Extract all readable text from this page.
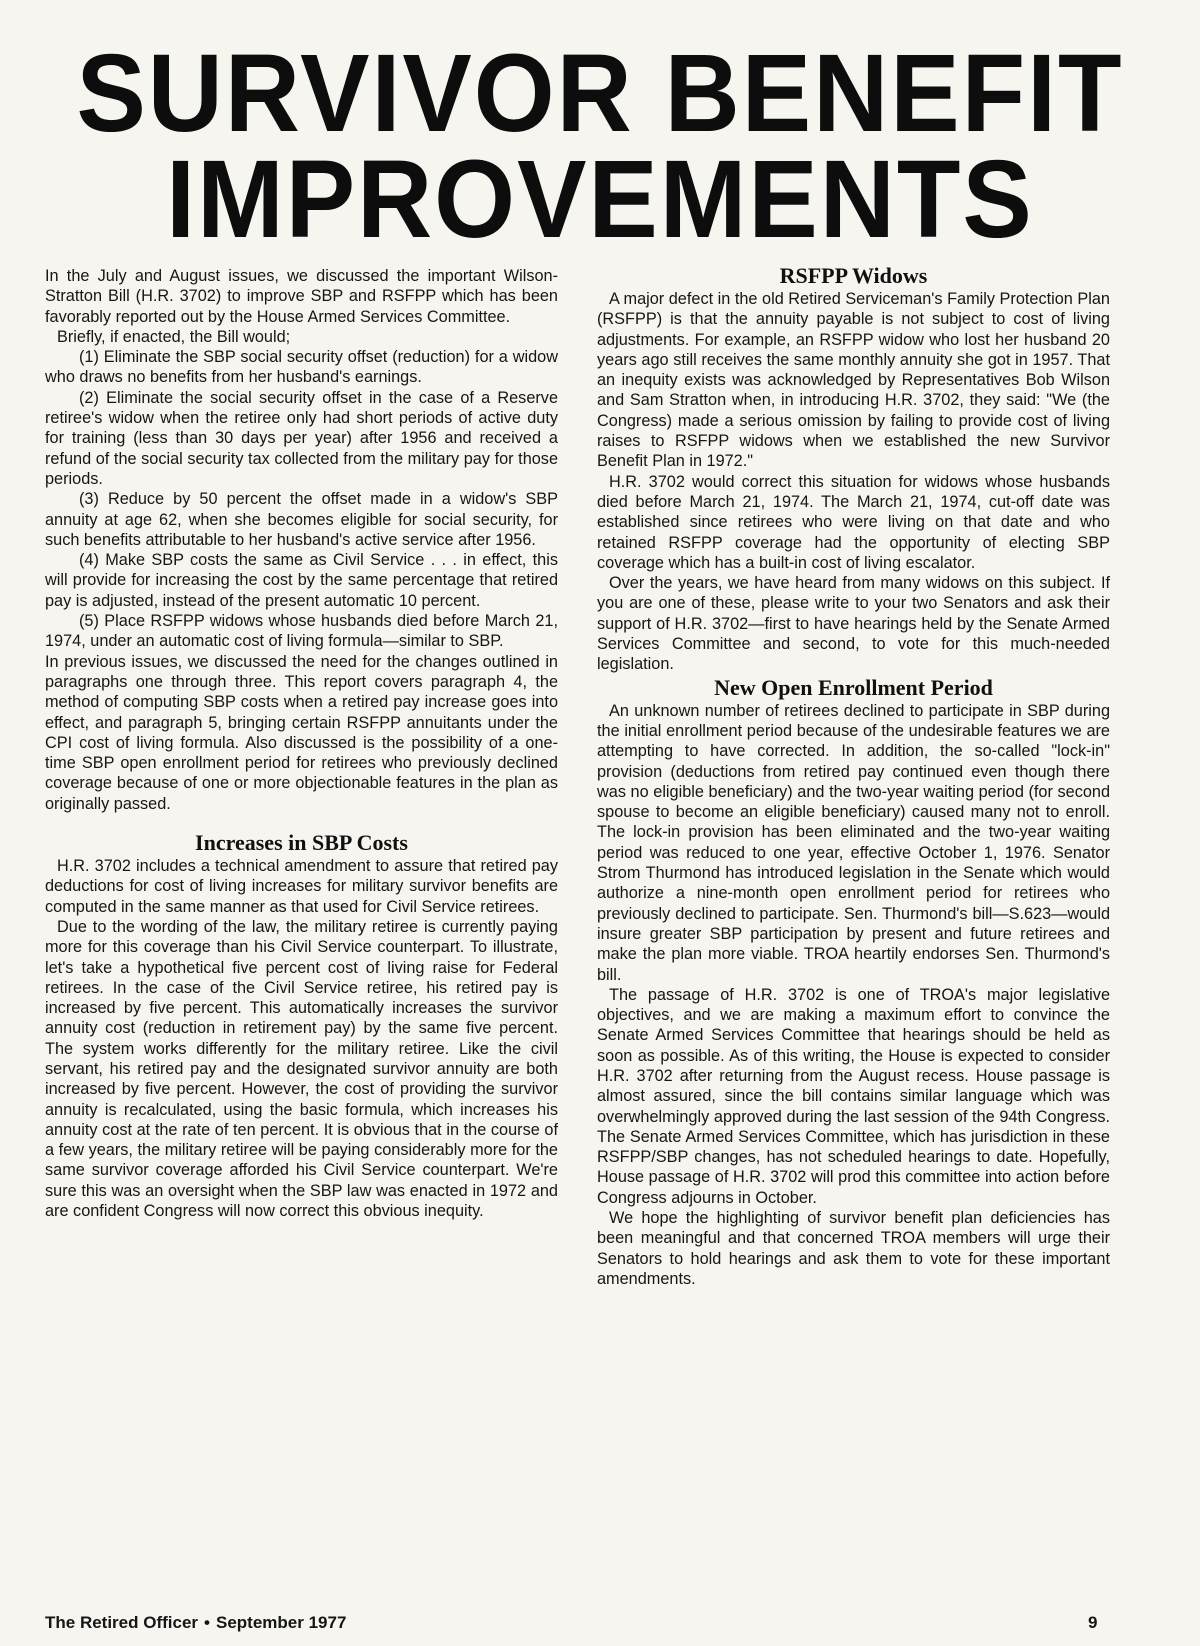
SURVIVOR BENEFIT
IMPROVEMENTS

In the July and August issues, we discussed the important Wilson-Stratton Bill (H.R. 3702) to improve SBP and RSFPP which has been favorably reported out by the House Armed Services Committee.

Briefly, if enacted, the Bill would;

(1) Eliminate the SBP social security offset (reduction) for a widow who draws no benefits from her husband's earnings.

(2) Eliminate the social security offset in the case of a Reserve retiree's widow when the retiree only had short periods of active duty for training (less than 30 days per year) after 1956 and received a refund of the social security tax collected from the military pay for those periods.

(3) Reduce by 50 percent the offset made in a widow's SBP annuity at age 62, when she becomes eligible for social security, for such benefits attributable to her husband's active service after 1956.

(4) Make SBP costs the same as Civil Service . . . in effect, this will provide for increasing the cost by the same percentage that retired pay is adjusted, instead of the present automatic 10 percent.

(5) Place RSFPP widows whose husbands died before March 21, 1974, under an automatic cost of living formula—similar to SBP.

In previous issues, we discussed the need for the changes outlined in paragraphs one through three. This report covers paragraph 4, the method of computing SBP costs when a retired pay increase goes into effect, and paragraph 5, bringing certain RSFPP annuitants under the CPI cost of living formula. Also discussed is the possibility of a one-time SBP open enrollment period for retirees who previously declined coverage because of one or more objectionable features in the plan as originally passed.

Increases in SBP Costs

H.R. 3702 includes a technical amendment to assure that retired pay deductions for cost of living increases for military survivor benefits are computed in the same manner as that used for Civil Service retirees.

Due to the wording of the law, the military retiree is currently paying more for this coverage than his Civil Service counterpart. To illustrate, let's take a hypothetical five percent cost of living raise for Federal retirees. In the case of the Civil Service retiree, his retired pay is increased by five percent. This automatically increases the survivor annuity cost (reduction in retirement pay) by the same five percent. The system works differently for the military retiree. Like the civil servant, his retired pay and the designated survivor annuity are both increased by five percent. However, the cost of providing the survivor annuity is recalculated, using the basic formula, which increases his annuity cost at the rate of ten percent. It is obvious that in the course of a few years, the military retiree will be paying considerably more for the same survivor coverage afforded his Civil Service counterpart. We're sure this was an oversight when the SBP law was enacted in 1972 and are confident Congress will now correct this obvious inequity.

RSFPP Widows

A major defect in the old Retired Serviceman's Family Protection Plan (RSFPP) is that the annuity payable is not subject to cost of living adjustments. For example, an RSFPP widow who lost her husband 20 years ago still receives the same monthly annuity she got in 1957. That an inequity exists was acknowledged by Representatives Bob Wilson and Sam Stratton when, in introducing H.R. 3702, they said: "We (the Congress) made a serious omission by failing to provide cost of living raises to RSFPP widows when we established the new Survivor Benefit Plan in 1972."

H.R. 3702 would correct this situation for widows whose husbands died before March 21, 1974. The March 21, 1974, cut-off date was established since retirees who were living on that date and who retained RSFPP coverage had the opportunity of electing SBP coverage which has a built-in cost of living escalator.

Over the years, we have heard from many widows on this subject. If you are one of these, please write to your two Senators and ask their support of H.R. 3702—first to have hearings held by the Senate Armed Services Committee and second, to vote for this much-needed legislation.

New Open Enrollment Period

An unknown number of retirees declined to participate in SBP during the initial enrollment period because of the undesirable features we are attempting to have corrected. In addition, the so-called "lock-in" provision (deductions from retired pay continued even though there was no eligible beneficiary) and the two-year waiting period (for second spouse to become an eligible beneficiary) caused many not to enroll. The lock-in provision has been eliminated and the two-year waiting period was reduced to one year, effective October 1, 1976. Senator Strom Thurmond has introduced legislation in the Senate which would authorize a nine-month open enrollment period for retirees who previously declined to participate. Sen. Thurmond's bill—S.623—would insure greater SBP participation by present and future retirees and make the plan more viable. TROA heartily endorses Sen. Thurmond's bill.

The passage of H.R. 3702 is one of TROA's major legislative objectives, and we are making a maximum effort to convince the Senate Armed Services Committee that hearings should be held as soon as possible. As of this writing, the House is expected to consider H.R. 3702 after returning from the August recess. House passage is almost assured, since the bill contains similar language which was overwhelmingly approved during the last session of the 94th Congress. The Senate Armed Services Committee, which has jurisdiction in these RSFPP/SBP changes, has not scheduled hearings to date. Hopefully, House passage of H.R. 3702 will prod this committee into action before Congress adjourns in October.

We hope the highlighting of survivor benefit plan deficiencies has been meaningful and that concerned TROA members will urge their Senators to hold hearings and ask them to vote for these important amendments.

The Retired Officer • September 1977	9
